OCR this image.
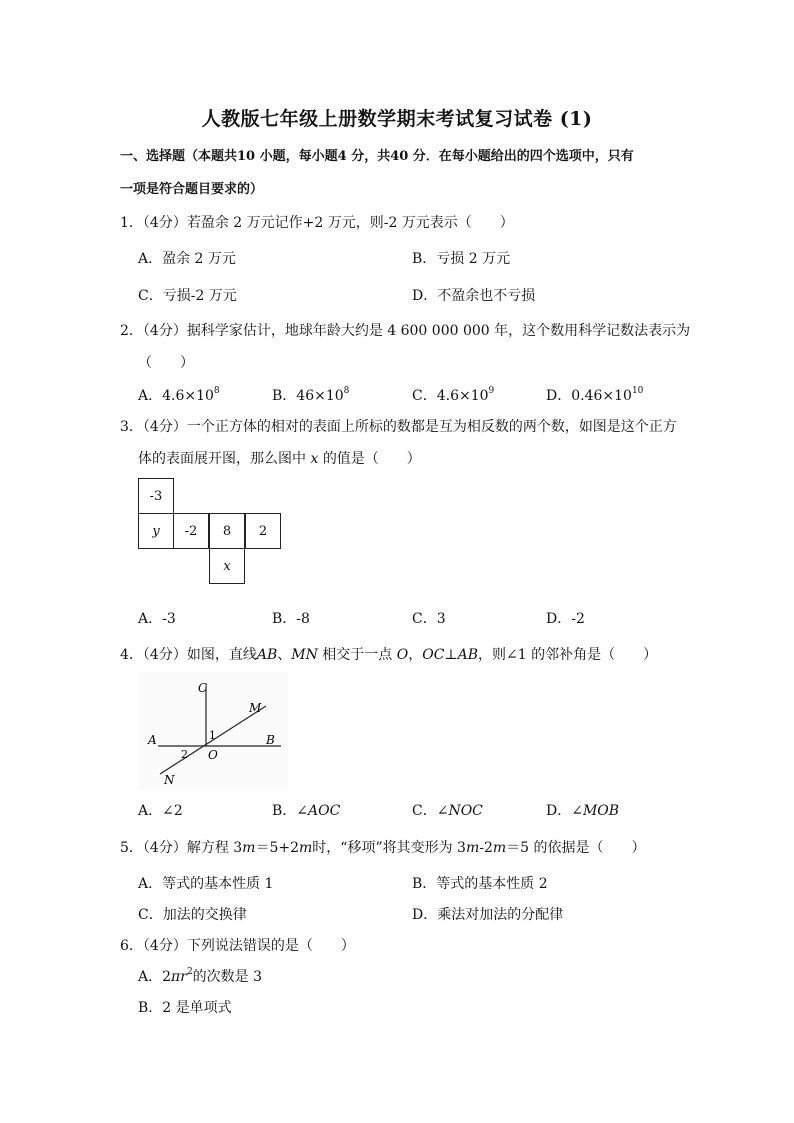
人教版七年级上册数学期末考试复习试卷 (1)
一、选择题（本题共10 小题，每小题4 分，共40 分．在每小题给出的四个选项中，只有
一项是符合题目要求的）
1．（4分）若盈余 2 万元记作+2 万元，则-2 万元表示（　　）
A．盈余 2 万元	B．亏损 2 万元
C．亏损-2 万元	D．不盈余也不亏损
2．（4分）据科学家估计，地球年龄大约是 4 600 000 000 年，这个数用科学记数法表示为
（　　）
A．$4.6\times 10^8$	B．$46\times 10^8$	C．$4.6\times 10^9$	D．$0.46\times 10^{10}$
3．（4分）一个正方体的相对的表面上所标的数都是互为相反数的两个数，如图是这个正方
体的表面展开图，那么图中 x 的值是（　　）
-3
y	-2	8	2
x
A．-3	B．-8	C．3	D．-2
4．（4分）如图，直线AB、MN 相交于一点 O，OC⊥AB，则∠1 的邻补角是（　　）
C
M
A	B
1
2 O
N
A．∠2	B．∠AOC	C．∠NOC	D．∠MOB
5．（4分）解方程 3m＝5+2m时，“移项”将其变形为 3m-2m＝5 的依据是（　　）
A．等式的基本性质 1	B．等式的基本性质 2
C．加法的交换律	D．乘法对加法的分配律
6．（4分）下列说法错误的是（　　）
A．$2\pi r^2$的次数是 3
B．2 是单项式
